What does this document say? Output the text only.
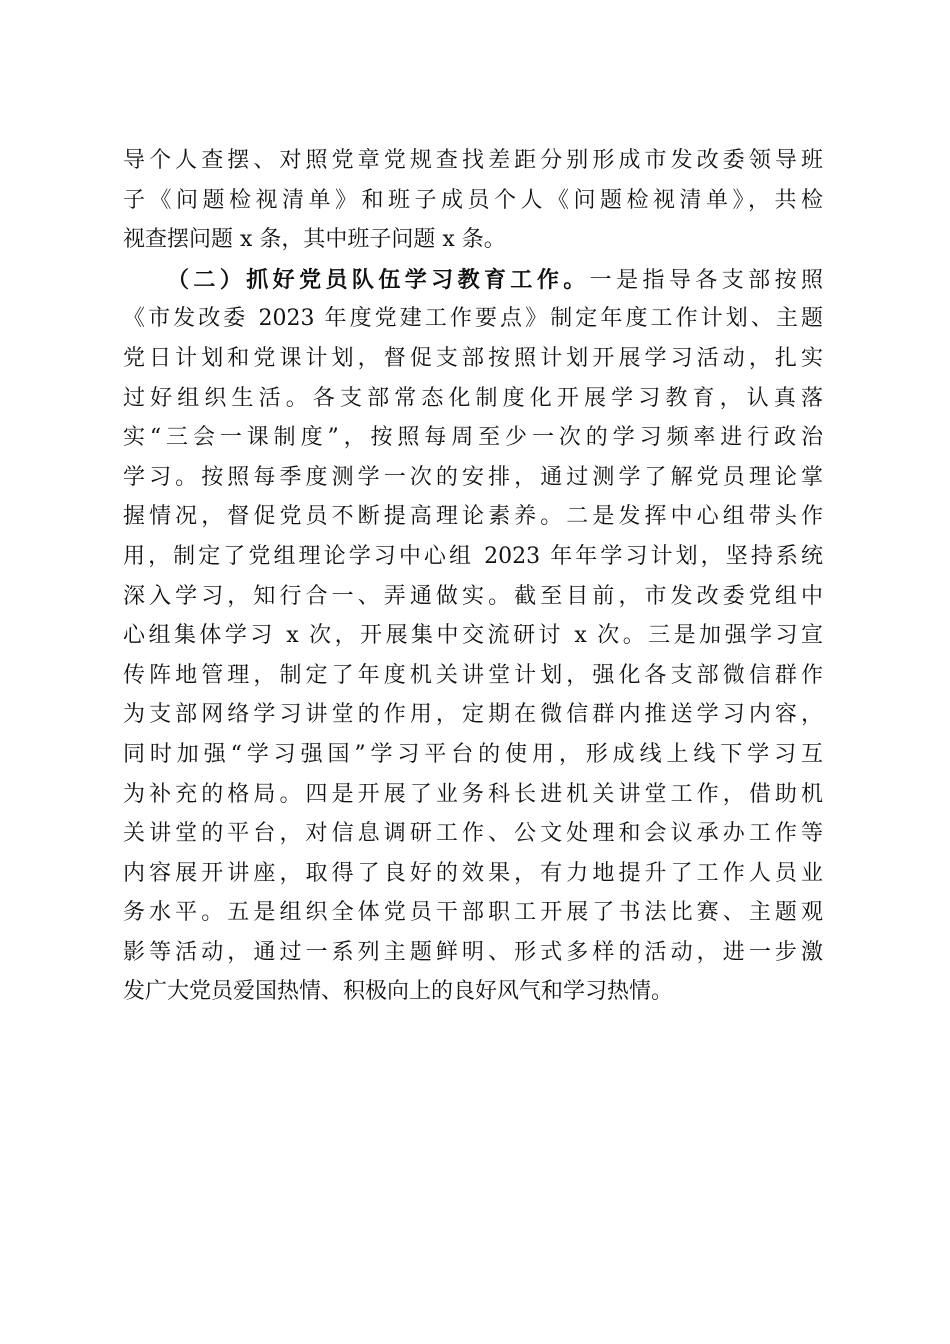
导个人查摆、对照党章党规查找差距分别形成市发改委领导班
子《问题检视清单》和班子成员个人《问题检视清单》，共检
视查摆问题 x 条，其中班子问题 x 条。
（二）抓好党员队伍学习教育工作。一是指导各支部按照
《市发改委 2023 年度党建工作要点》制定年度工作计划、主题
党日计划和党课计划，督促支部按照计划开展学习活动，扎实
过好组织生活。各支部常态化制度化开展学习教育，认真落
实“三会一课制度”，按照每周至少一次的学习频率进行政治
学习。按照每季度测学一次的安排，通过测学了解党员理论掌
握情况，督促党员不断提高理论素养。二是发挥中心组带头作
用，制定了党组理论学习中心组 2023 年年学习计划，坚持系统
深入学习，知行合一、弄通做实。截至目前，市发改委党组中
心组集体学习 x 次，开展集中交流研讨 x 次。三是加强学习宣
传阵地管理，制定了年度机关讲堂计划，强化各支部微信群作
为支部网络学习讲堂的作用，定期在微信群内推送学习内容，
同时加强“学习强国”学习平台的使用，形成线上线下学习互
为补充的格局。四是开展了业务科长进机关讲堂工作，借助机
关讲堂的平台，对信息调研工作、公文处理和会议承办工作等
内容展开讲座，取得了良好的效果，有力地提升了工作人员业
务水平。五是组织全体党员干部职工开展了书法比赛、主题观
影等活动，通过一系列主题鲜明、形式多样的活动，进一步激
发广大党员爱国热情、积极向上的良好风气和学习热情。
